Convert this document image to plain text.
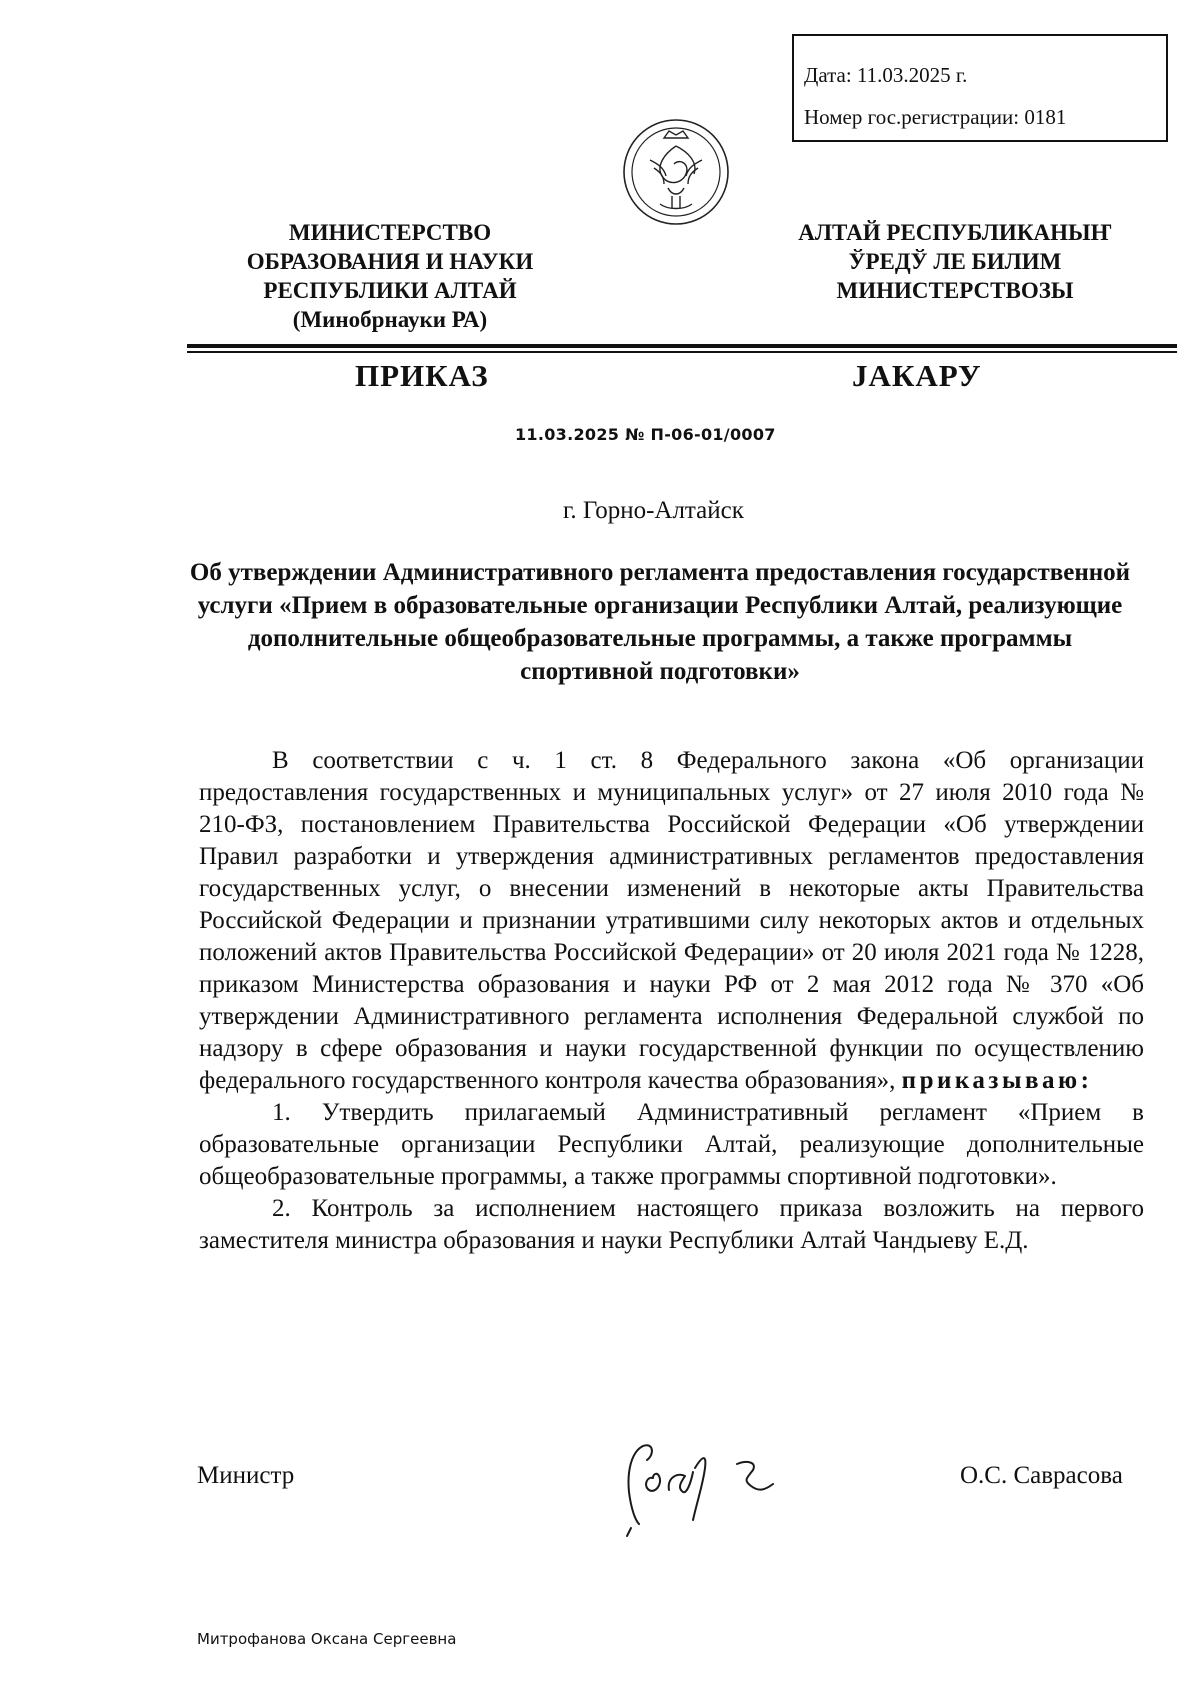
Дата: 11.03.2025 г.
Номер гос.регистрации: 0181
МИНИСТЕРСТВО
ОБРАЗОВАНИЯ И НАУКИ
РЕСПУБЛИКИ АЛТАЙ
(Минобрнауки РА)
АЛТАЙ РЕСПУБЛИКАНЫҤ
ЎРЕДЎ ЛЕ БИЛИМ
МИНИСТЕРСТВОЗЫ
ПРИКАЗ	JАКАРУ
11.03.2025 № П-06-01/0007
г. Горно-Алтайск
Об утверждении Административного регламента предоставления государственной услуги «Прием в образовательные организации Республики Алтай, реализующие дополнительные общеобразовательные программы, а также программы спортивной подготовки»

В соответствии с ч. 1 ст. 8 Федерального закона «Об организации предоставления государственных и муниципальных услуг» от 27 июля 2010 года № 210-ФЗ, постановлением Правительства Российской Федерации «Об утверждении Правил разработки и утверждения административных регламентов предоставления государственных услуг, о внесении изменений в некоторые акты Правительства Российской Федерации и признании утратившими силу некоторых актов и отдельных положений актов Правительства Российской Федерации» от 20 июля 2021 года № 1228, приказом Министерства образования и науки РФ от 2 мая 2012 года № 370 «Об утверждении Административного регламента исполнения Федеральной службой по надзору в сфере образования и науки государственной функции по осуществлению федерального государственного контроля качества образования», приказываю:

1. Утвердить прилагаемый Административный регламент «Прием в образовательные организации Республики Алтай, реализующие дополнительные общеобразовательные программы, а также программы спортивной подготовки».

2. Контроль за исполнением настоящего приказа возложить на первого заместителя министра образования и науки Республики Алтай Чандыеву Е.Д.

Министр	О.С. Саврасова
Митрофанова Оксана Сергеевна
